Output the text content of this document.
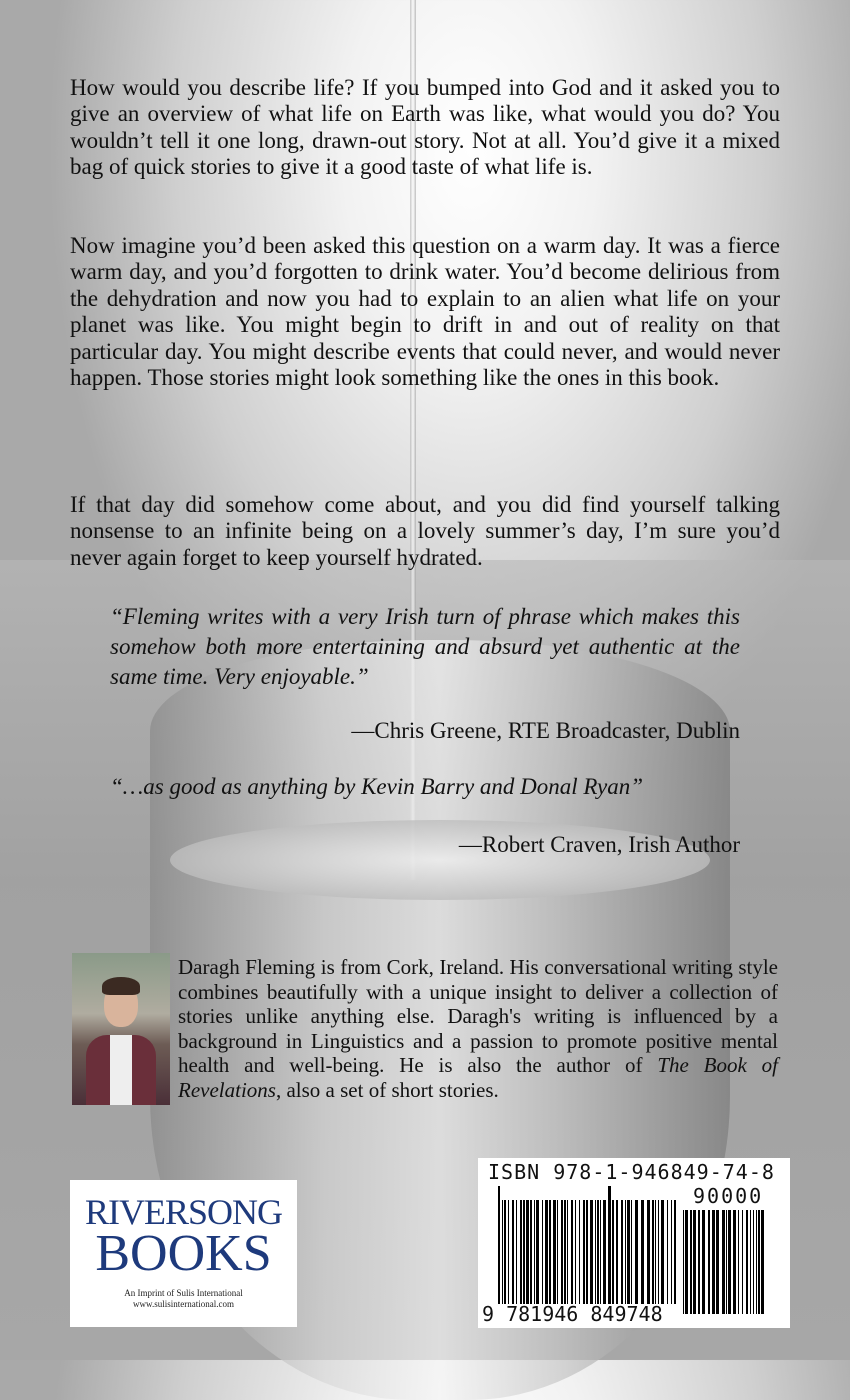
How would you describe life? If you bumped into God and it asked you to give an overview of what life on Earth was like, what would you do? You wouldn’t tell it one long, drawn-out story. Not at all. You’d give it a mixed bag of quick stories to give it a good taste of what life is.

Now imagine you’d been asked this question on a warm day. It was a fierce warm day, and you’d forgotten to drink water. You’d become delirious from the dehydration and now you had to explain to an alien what life on your planet was like. You might begin to drift in and out of reality on that particular day. You might describe events that could never, and would never happen. Those stories might look something like the ones in this book.

If that day did somehow come about, and you did find yourself talking nonsense to an infinite being on a lovely summer’s day, I’m sure you’d never again forget to keep yourself hydrated.

“Fleming writes with a very Irish turn of phrase which makes this somehow both more entertaining and absurd yet authentic at the same time. Very enjoyable.”

—Chris Greene, RTE Broadcaster, Dublin

“…as good as anything by Kevin Barry and Donal Ryan”

—Robert Craven, Irish Author

Daragh Fleming is from Cork, Ireland. His conversational writing style combines beautifully with a unique insight to deliver a collection of stories unlike anything else. Daragh's writing is influenced by a background in Linguistics and a passion to promote positive mental health and well-being. He is also the author of The Book of Revelations, also a set of short stories.

RIVERSONG
BOOKS
An Imprint of Sulis International
www.sulisinternational.com
ISBN 978-1-946849-74-8
90000
9 781946 849748
